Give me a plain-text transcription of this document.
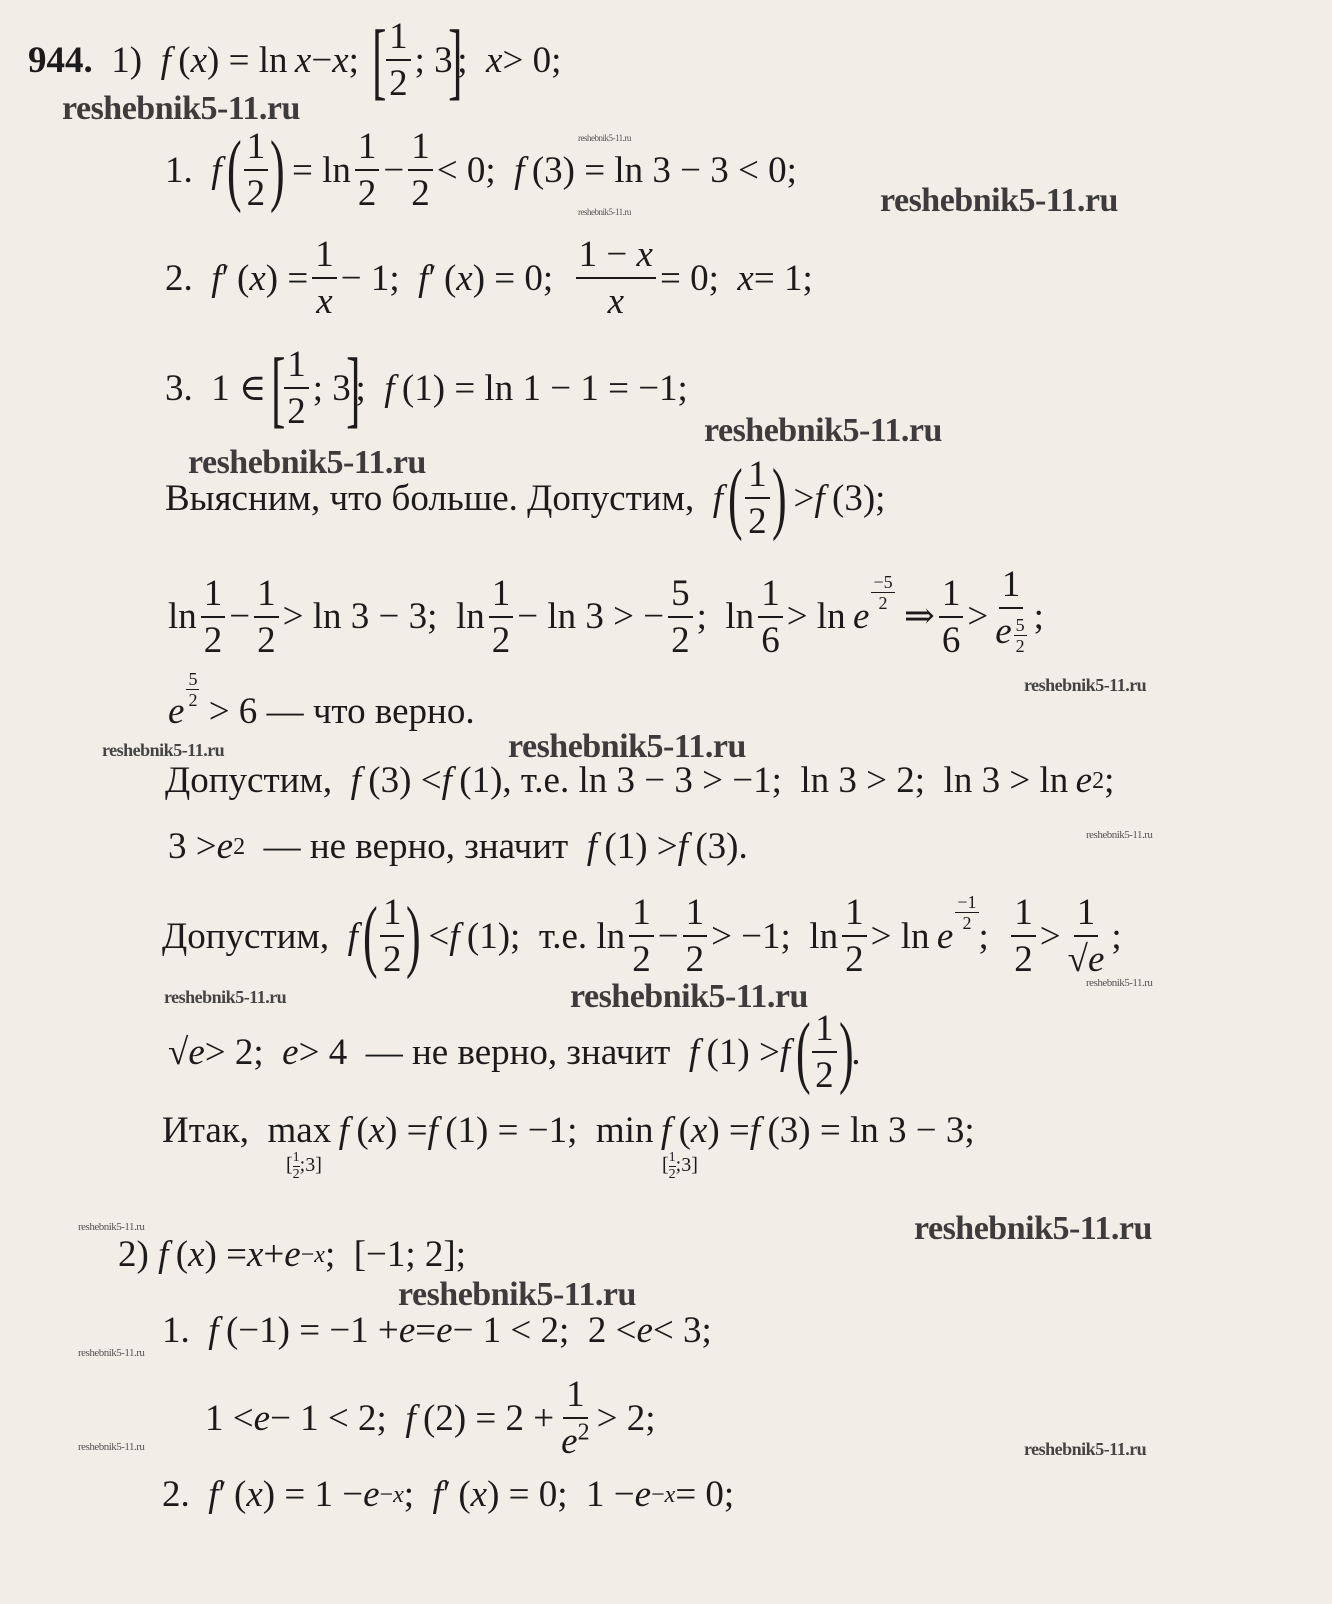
reshebnik5-11.ru
reshebnik5-11.ru
reshebnik5-11.ru	reshebnik5-11.ru
reshebnik5-11.ru
reshebnik5-11.ru
reshebnik5-11.ru
reshebnik5-11.ru	reshebnik5-11.ru
reshebnik5-11.ru
reshebnik5-11.ru
reshebnik5-11.ru	reshebnik5-11.ru
reshebnik5-11.ru	reshebnik5-11.ru
reshebnik5-11.ru
reshebnik5-11.ru
reshebnik5-11.ru	reshebnik5-11.ru
944.
1)
f  ( x ) = ln  x − x ;
[ $\frac{1}{2}$ ; 3
]
; x > 0;
1. f
  ( $\frac{1}{2}$ )
= $\ln \frac{1}{2} - \frac{1}{2} < 0$; f  (3) = ln 3 − 3 < 0;
2. f ′ ( x ) = $\frac{1}{x} - 1$; f ′ ( x ) = 0; $\frac{1 - x}{x} = 0$; x = 1;
3.  1 ∈
[ $\frac{1}{2}$ ; 3
]
; f  (1) = ln 1 − 1 = −1;
Выясним, что больше. Допустим,
f
  ( $\frac{1}{2}$ )
> f  (3);
$\ln \frac{1}{2} - \frac{1}{2} > \ln 3 - 3$;  $\ln \frac{1}{2} - \ln 3$ > − $\frac{5}{2}$ ;  $\ln \frac{1}{6} > \ln e$
$\frac{-5}{2}$
⇒ $\frac{1}{6} > \frac{1}{e \frac{5}{2}}$ ;
e
$\frac{5}{2}$
> 6 — что верно.
Допустим,
f  (3) < f  (1), т.е. ln 3 − 3 > −1;  ln 3 > 2;  ln 3 > ln  e 2 ;
3 > e 2
— не верно, значит
f  (1) > f  (3).
Допустим,
f
  ( $\frac{1}{2}$ )
< f  (1); т.е. $\ln \frac{1}{2} - \frac{1}{2} > -1$;  $\ln \frac{1}{2} > \ln e$
$\frac{-1}{2}$
; $\frac{1}{2} > \frac{1}{√e}$ ;
√ e > 2; e > 4 — не верно, значит
f  (1) > f
  ( $\frac{1}{2}$ )
.
Итак,
max
  f  ( x ) = f  (1) = −1; min
  f  ( x ) = f  (3) = ln 3 − 3;
[ $\frac{1}{2}$ ;3]	[ $\frac{1}{2}$ ;3]
2)
f  ( x ) = x + e −x ;  [−1; 2];
1. f  (−1) = −1 + e = e − 1 < 2;  2 < e < 3;
1 < e − 1 < 2; f  $(2) = 2 + \frac{1}{e^2} > 2$;
2. f ′ ( x ) = 1 − e −x ; f ′ ( x ) = 0;  1 − e −x = 0;
